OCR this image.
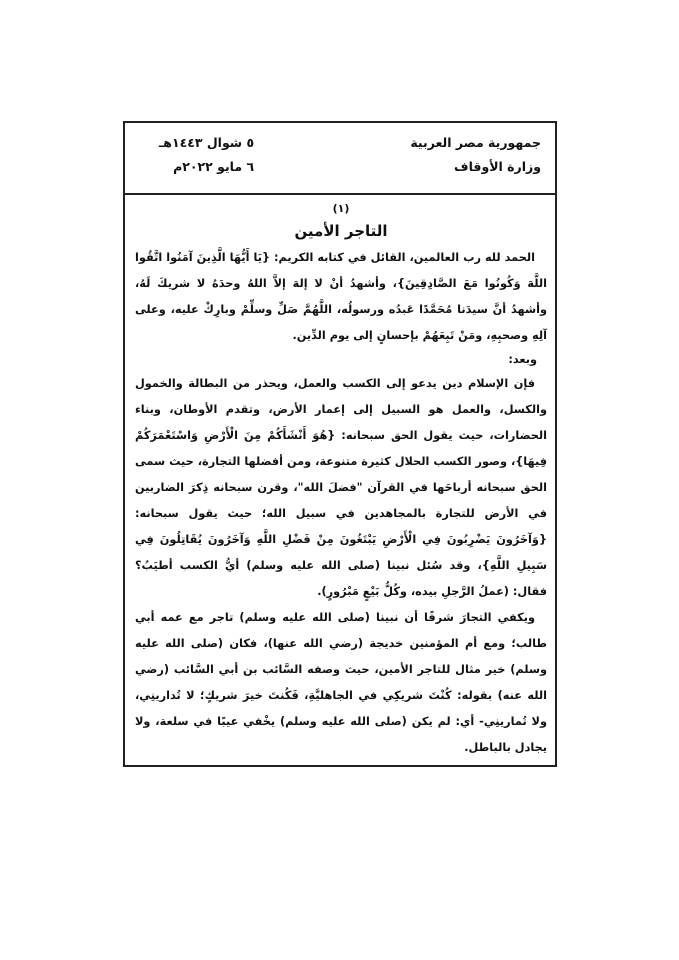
جمهورية مصر العربية
وزارة الأوقاف
٥ شوال ١٤٤٣هـ
٦ مايو ٢٠٢٢م
(١)
التاجر الأمين

الحمد لله رب العالمين، القائل في كتابه الكريم: {يَا أَيُّهَا الَّذِينَ آمَنُوا اتَّقُوا اللَّهَ وَكُونُوا مَعَ الصَّادِقِينَ}، وأشهدُ أنْ لا إلهَ إلاَّ اللهُ وحدَهُ لا شريكَ لَهُ، وأشهدُ أنَّ سيدَنا مُحَمَّدًا عَبدُه ورسولُه، اللَّهُمَّ صَلِّ وسلِّمْ وبارِكْ عليه، وعلى آلِهِ وصحبِهِ، ومَنْ تَبِعَهُمْ بإحسانٍ إلى يوم الدِّين.

وبعد:

فإن الإسلام دين يدعو إلى الكسب والعمل، ويحذر من البطالة والخمول والكسل، والعمل هو السبيل إلى إعمار الأرض، وتقدم الأوطان، وبناء الحضارات، حيث يقول الحق سبحانه: {هُوَ أَنْشَأَكُمْ مِنَ الْأَرْضِ وَاسْتَعْمَرَكُمْ فِيهَا}، وصور الكسب الحلال كثيرة متنوعة، ومن أفضلها التجارة، حيث سمى الحق سبحانه أرباحَها في القرآن "فضلَ الله"، وقرن سبحانه ذِكرَ الضاربين في الأرض للتجارة بالمجاهدين في سبيل الله؛ حيث يقول سبحانه: {وَآخَرُونَ يَضْرِبُونَ فِي الْأَرْضِ يَبْتَغُونَ مِنْ فَضْلِ اللَّهِ وَآخَرُونَ يُقَاتِلُونَ فِي سَبِيلِ اللَّهِ}، وقد سُئل نبينا (صلى الله عليه وسلم) أيُّ الكسب أطيَبُ؟ فقال: (عملُ الرَّجلِ بيده، وكُلُّ بَيْعٍ مَبْرُورٍ).

ويكفي التجارَ شرفًا أن نبينا (صلى الله عليه وسلم) تاجر مع عمه أبي طالب؛ ومع أم المؤمنين خديجة (رضي الله عنها)، فكان (صلى الله عليه وسلم) خير مثال للتاجر الأمين، حيث وصفه السَّائب بن أبي السَّائب (رضي الله عنه) بقوله: كُنْتَ شريكِي في الجاهليَّةِ، فَكُنتَ خيرَ شريكٍ؛ لا تُدارينِي، ولا تُمارينِي- أي: لم يكن (صلى الله عليه وسلم) يخْفي عيبًا في سلعة، ولا يجادل بالباطل.
